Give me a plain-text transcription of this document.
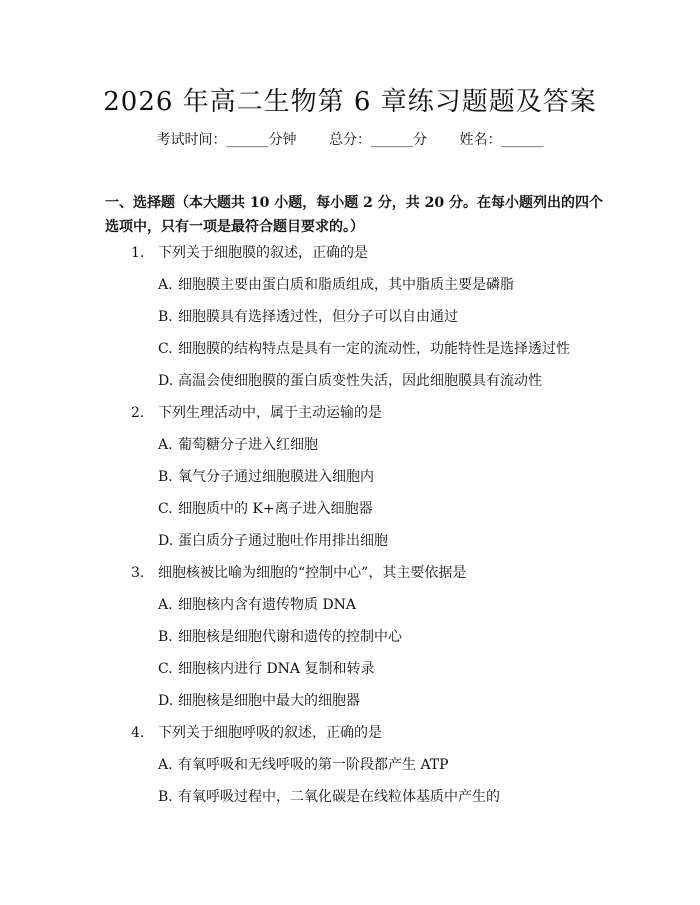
2026 年高二生物第 6 章练习题题及答案
考试时间：______分钟 总分：______分 姓名：______
一、选择题（本大题共 10 小题，每小题 2 分，共 20 分。在每小题列出的四个选项中，只有一项是最符合题目要求的。）
1. 下列关于细胞膜的叙述，正确的是
A. 细胞膜主要由蛋白质和脂质组成，其中脂质主要是磷脂
B. 细胞膜具有选择透过性，但分子可以自由通过
C. 细胞膜的结构特点是具有一定的流动性，功能特性是选择透过性
D. 高温会使细胞膜的蛋白质变性失活，因此细胞膜具有流动性
2. 下列生理活动中，属于主动运输的是
A. 葡萄糖分子进入红细胞
B. 氧气分子通过细胞膜进入细胞内
C. 细胞质中的 K+离子进入细胞器
D. 蛋白质分子通过胞吐作用排出细胞
3. 细胞核被比喻为细胞的“控制中心”，其主要依据是
A. 细胞核内含有遗传物质 DNA
B. 细胞核是细胞代谢和遗传的控制中心
C. 细胞核内进行 DNA 复制和转录
D. 细胞核是细胞中最大的细胞器
4. 下列关于细胞呼吸的叙述，正确的是
A. 有氧呼吸和无线呼吸的第一阶段都产生 ATP
B. 有氧呼吸过程中，二氧化碳是在线粒体基质中产生的
